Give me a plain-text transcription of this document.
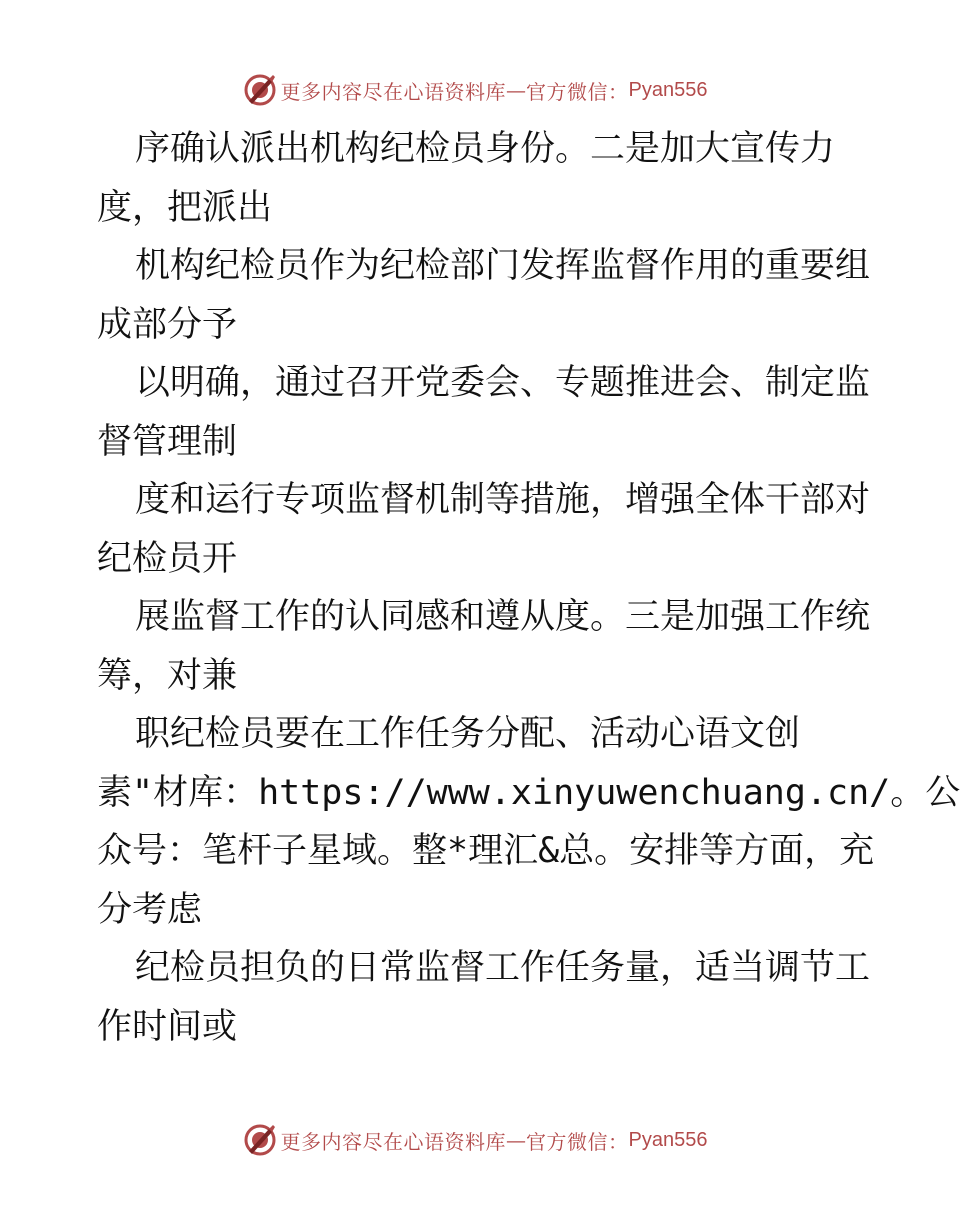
更多内容尽在心语资料库 — 官方微信： Pyan556
序确认派出机构纪检员身份。二是加大宣传力
度，把派出
机构纪检员作为纪检部门发挥监督作用的重要组
成部分予
以明确，通过召开党委会、专题推进会、制定监
督管理制
度和运行专项监督机制等措施，增强全体干部对
纪检员开
展监督工作的认同感和遵从度。三是加强工作统
筹，对兼
职纪检员要在工作任务分配、活动心语文创
素"材库：https://www.xinyuwenchuang.cn/。公
众号：笔杆子星域。整*理汇&总。安排等方面，充
分考虑
纪检员担负的日常监督工作任务量，适当调节工
作时间或
更多内容尽在心语资料库 — 官方微信： Pyan556
